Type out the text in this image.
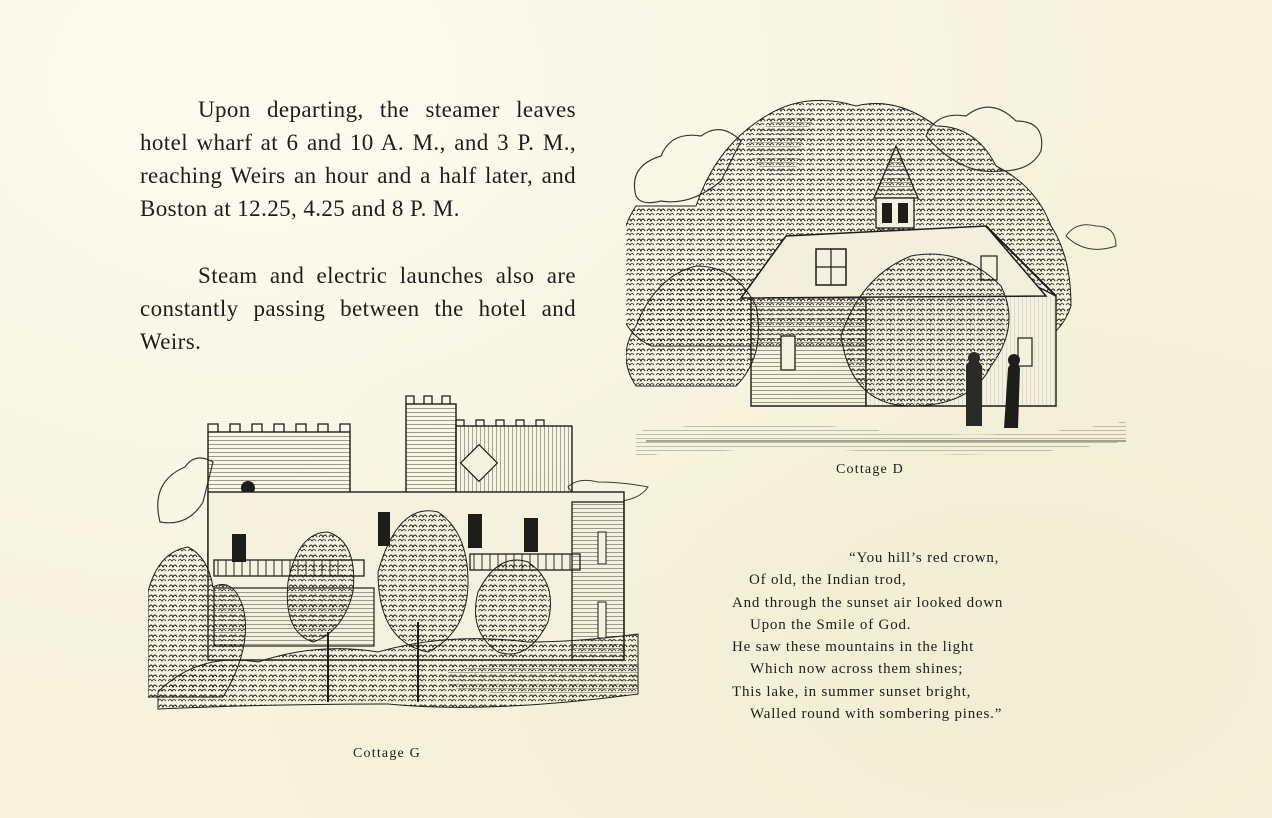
Upon departing, the steamer leaves hotel wharf at 6 and 10 A. M., and 3 P. M., reaching Weirs an hour and a half later, and Boston at 12.25, 4.25 and 8 P. M.

Steam and electric launches also are constantly passing between the hotel and Weirs.

Cottage D

Cottage G

“You hill’s red crown,
Of old, the Indian trod,
And through the sunset air looked down
Upon the Smile of God.
He saw these mountains in the light
Which now across them shines;
This lake, in summer sunset bright,
Walled round with sombering pines.”
